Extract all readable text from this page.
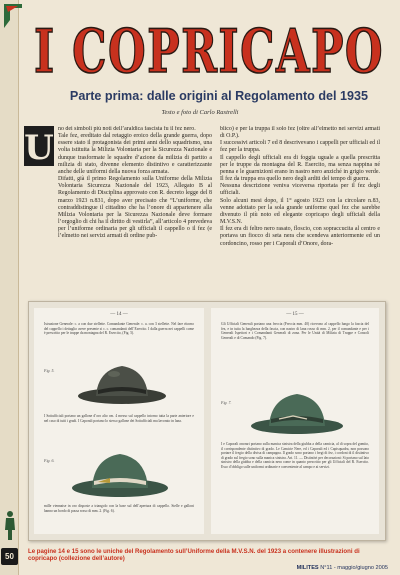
I COPRICAPO
Parte prima: dalle origini al Regolamento del 1935
Testo e foto di Carlo Rastrelli
U no dei simboli più noti dell’araldica fascista fu il fez nero.

Tale fez, ereditato dal retaggio eroico della grande guerra, dopo essere stato il protagonista dei primi anni dello squadrismo, una volta istituita la Milizia Volontaria per la Sicurezza Nazionale e dunque trasformate le squadre d’azione da milizia di partito a milizia di stato, divenne elemento distintivo e caratterizzante anche delle uniformi della nuova forza armata.

Difatti, già il primo Regolamento sulla Uniforme della Milizia Volontaria Sicurezza Nazionale del 1923, Allegato B al Regolamento di Disciplina approvato con R. decreto legge del 8 marzo 1923 n.831, dopo aver precisato che “L’uniforme, che contraddistingue il cittadino che ha l’onore di appartenere alla Milizia Volontaria per la Sicurezza Nazionale deve formare l’orgoglio di chi ha il diritto di vestirla”, all’articolo 4 prevedeva per l’uniforme ordinaria per gli ufficiali il cappello o il fez (e l’elmetto nei servizi armati di ordine pub-

blico) e per la truppa il solo fez (oltre all’elmetto nei servizi armati di O.P.).

I successivi articoli 7 ed 8 descrivevano i cappelli per ufficiali ed il fez per la truppa.

Il cappello degli ufficiali era di foggia uguale a quella prescritta per le truppe da montagna del R. Esercito, ma senza nappina né penna e le guarnizioni erano in nastro nero anziché in grigio verde. Il fez da truppa era quello nero degli arditi del tempo di guerra.

Nessuna descrizione veniva viceversa riportata per il fez degli ufficiali.

Solo alcuni mesi dopo, il 1° agosto 1923 con la circolare n.83, venne adottato per la sola grande uniforme quel fez che sarebbe divenuto il più noto ed elegante copricapo degli ufficiali della M.V.S.N.

Il fez era di feltro nero rasato, floscio, con sopraccucita al centro e portava un fiocco di seta nera che scendeva anteriormente ed un cordoncino, rosso per i Caporali d’Onore, dora-

— 14 —
Istruzione Generale: c. a con due stellette. Comandante Generale: c. a. con 3 stellette. Nel fare ritorno del cappello i dettaglio avere presente si c. c. comandanti dell’Esercito. I dalla guerra nei cappelli come è prescritto per le truppe da montagna del R. Esercito, (Fig. 5).
Fig. 5.
I Sottufficiali portano un gallone d’oro alto cm. 4 messo sul cappello intorno tutta la parte anteriore e nel caso di tutti i gradi. I Caporali portano lo stesso gallone dei Sottufficiali ma lavorato in lana.
Fig. 6.
mille viennaise in oro disposte a triangolo con la base sul dell’apertura di cappello. Stelle e galloni hanno un bordo di passa rosso di mm. 2. (Fig. 6).
— 15 —
Gli Ufficiali Generali portano una freccia (Freccia mm. 40) ricevono al cappello lungo la fascia del fez, e in tutta la lunghezza della fascia, con nastro di lana rosso di mm. 2, per il comandante e per i Generali Ispettori e i Comandanti Generali di zona. Per le Unità di Milizia di Truppe e Consoli Generali e di Comando (Fig. 7).
Fig. 7.
I e Caporali onorari portano sulla manica sinistra della giubba a della camicia, al di sopra del gomito, il corrispondente distintivo di grado. Le Camicie Nere, ed i Caporali ed i Capisquadra, non possono portare il fregio della divisa di campagna. Il grado sono portano i fregi di fez, i cordoni di il distintivo di grado sul fregio sono sulla manica sinistra. Art. 11. — Distintivi per decorazioni: Si portano sul lato sinistro della giubba e della camicia nera come in quanto prescritto per gli Ufficiali del R. Esercito. Esso d’obbligo sulle uniformi ordinarie e conveniente al campo e ai servizi.
Le pagine 14 e 15 sono le uniche del Regolamento sull’Uniforme della M.V.S.N. del 1923 a contenere illustrazioni di copricapo (collezione dell’autore)
50
MILITES N°11 - maggio/giugno 2005
